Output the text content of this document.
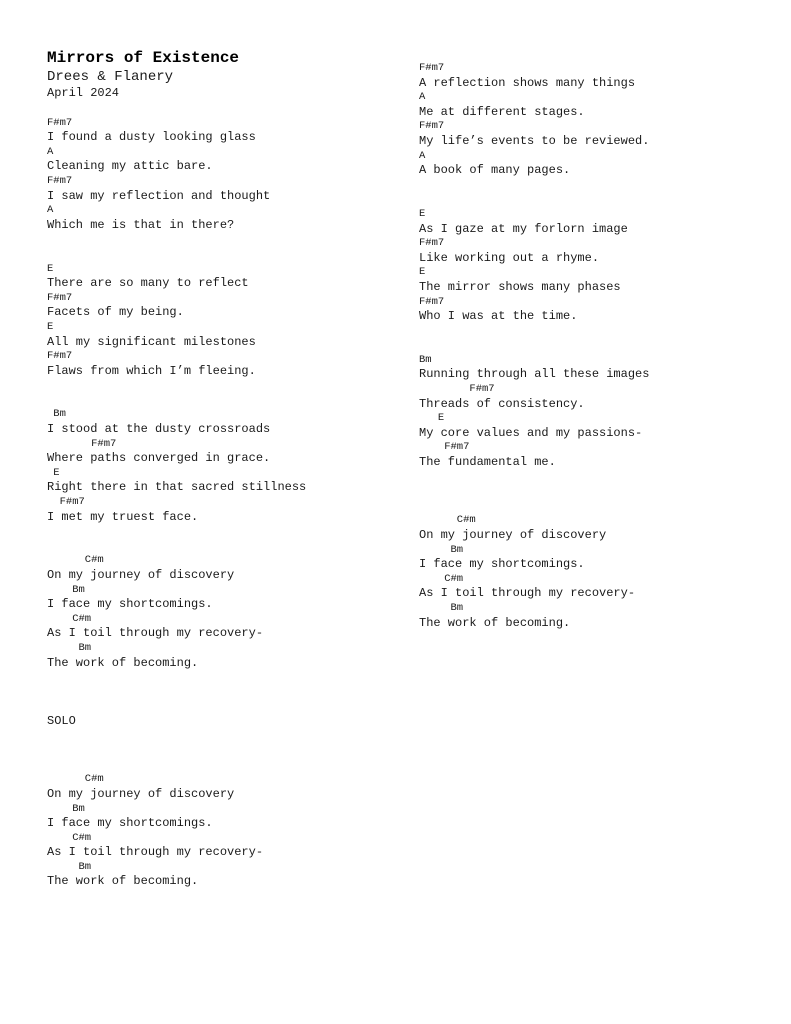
Mirrors of Existence
Drees & Flanery
April 2024
F#m7
I found a dusty looking glass
A
Cleaning my attic bare.
F#m7
I saw my reflection and thought
A
Which me is that in there?
E
There are so many to reflect
F#m7
Facets of my being.
E
All my significant milestones
F#m7
Flaws from which I’m fleeing.
Bm
I stood at the dusty crossroads
F#m7
Where paths converged in grace.
E
Right there in that sacred stillness
F#m7
I met my truest face.
C#m
On my journey of discovery
Bm
I face my shortcomings.
C#m
As I toil through my recovery-
Bm
The work of becoming.
SOLO
C#m
On my journey of discovery
Bm
I face my shortcomings.
C#m
As I toil through my recovery-
Bm
The work of becoming.
F#m7
A reflection shows many things
A
Me at different stages.
F#m7
My life’s events to be reviewed.
A
A book of many pages.
E
As I gaze at my forlorn image
F#m7
Like working out a rhyme.
E
The mirror shows many phases
F#m7
Who I was at the time.
Bm
Running through all these images
F#m7
Threads of consistency.
E
My core values and my passions-
F#m7
The fundamental me.
C#m
On my journey of discovery
Bm
I face my shortcomings.
C#m
As I toil through my recovery-
Bm
The work of becoming.
